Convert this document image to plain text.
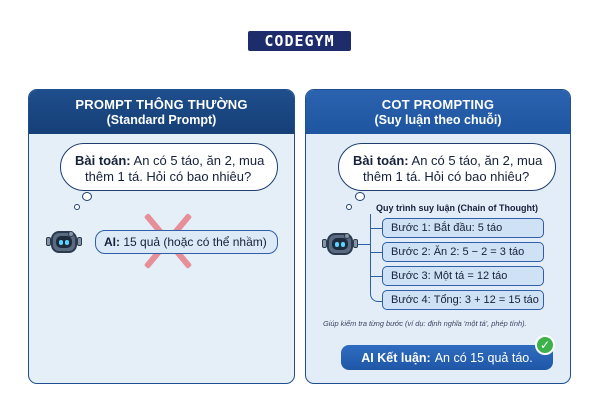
CODEGYM
PROMPT THÔNG THƯỜNG
(Standard Prompt)
Bài toán: An có 5 táo, ăn 2, mua
thêm 1 tá. Hỏi có bao nhiêu?
AI:
15 quả (hoặc có thể nhầm)
COT PROMPTING
(Suy luận theo chuỗi)
Bài toán: An có 5 táo, ăn 2, mua
thêm 1 tá. Hỏi có bao nhiêu?
Quy trình suy luận (Chain of Thought)
Bước 1:
Bắt đầu: 5 táo
Bước 2:
Ăn 2: 5 − 2 = 3 táo
Bước 3:
Một tá = 12 táo
Bước 4:
Tổng: 3 + 12 = 15 táo
Giúp kiểm tra từng bước (ví dụ: định nghĩa 'một tá', phép tính).
AI Kết luận: An có 15 quả táo.
✓
